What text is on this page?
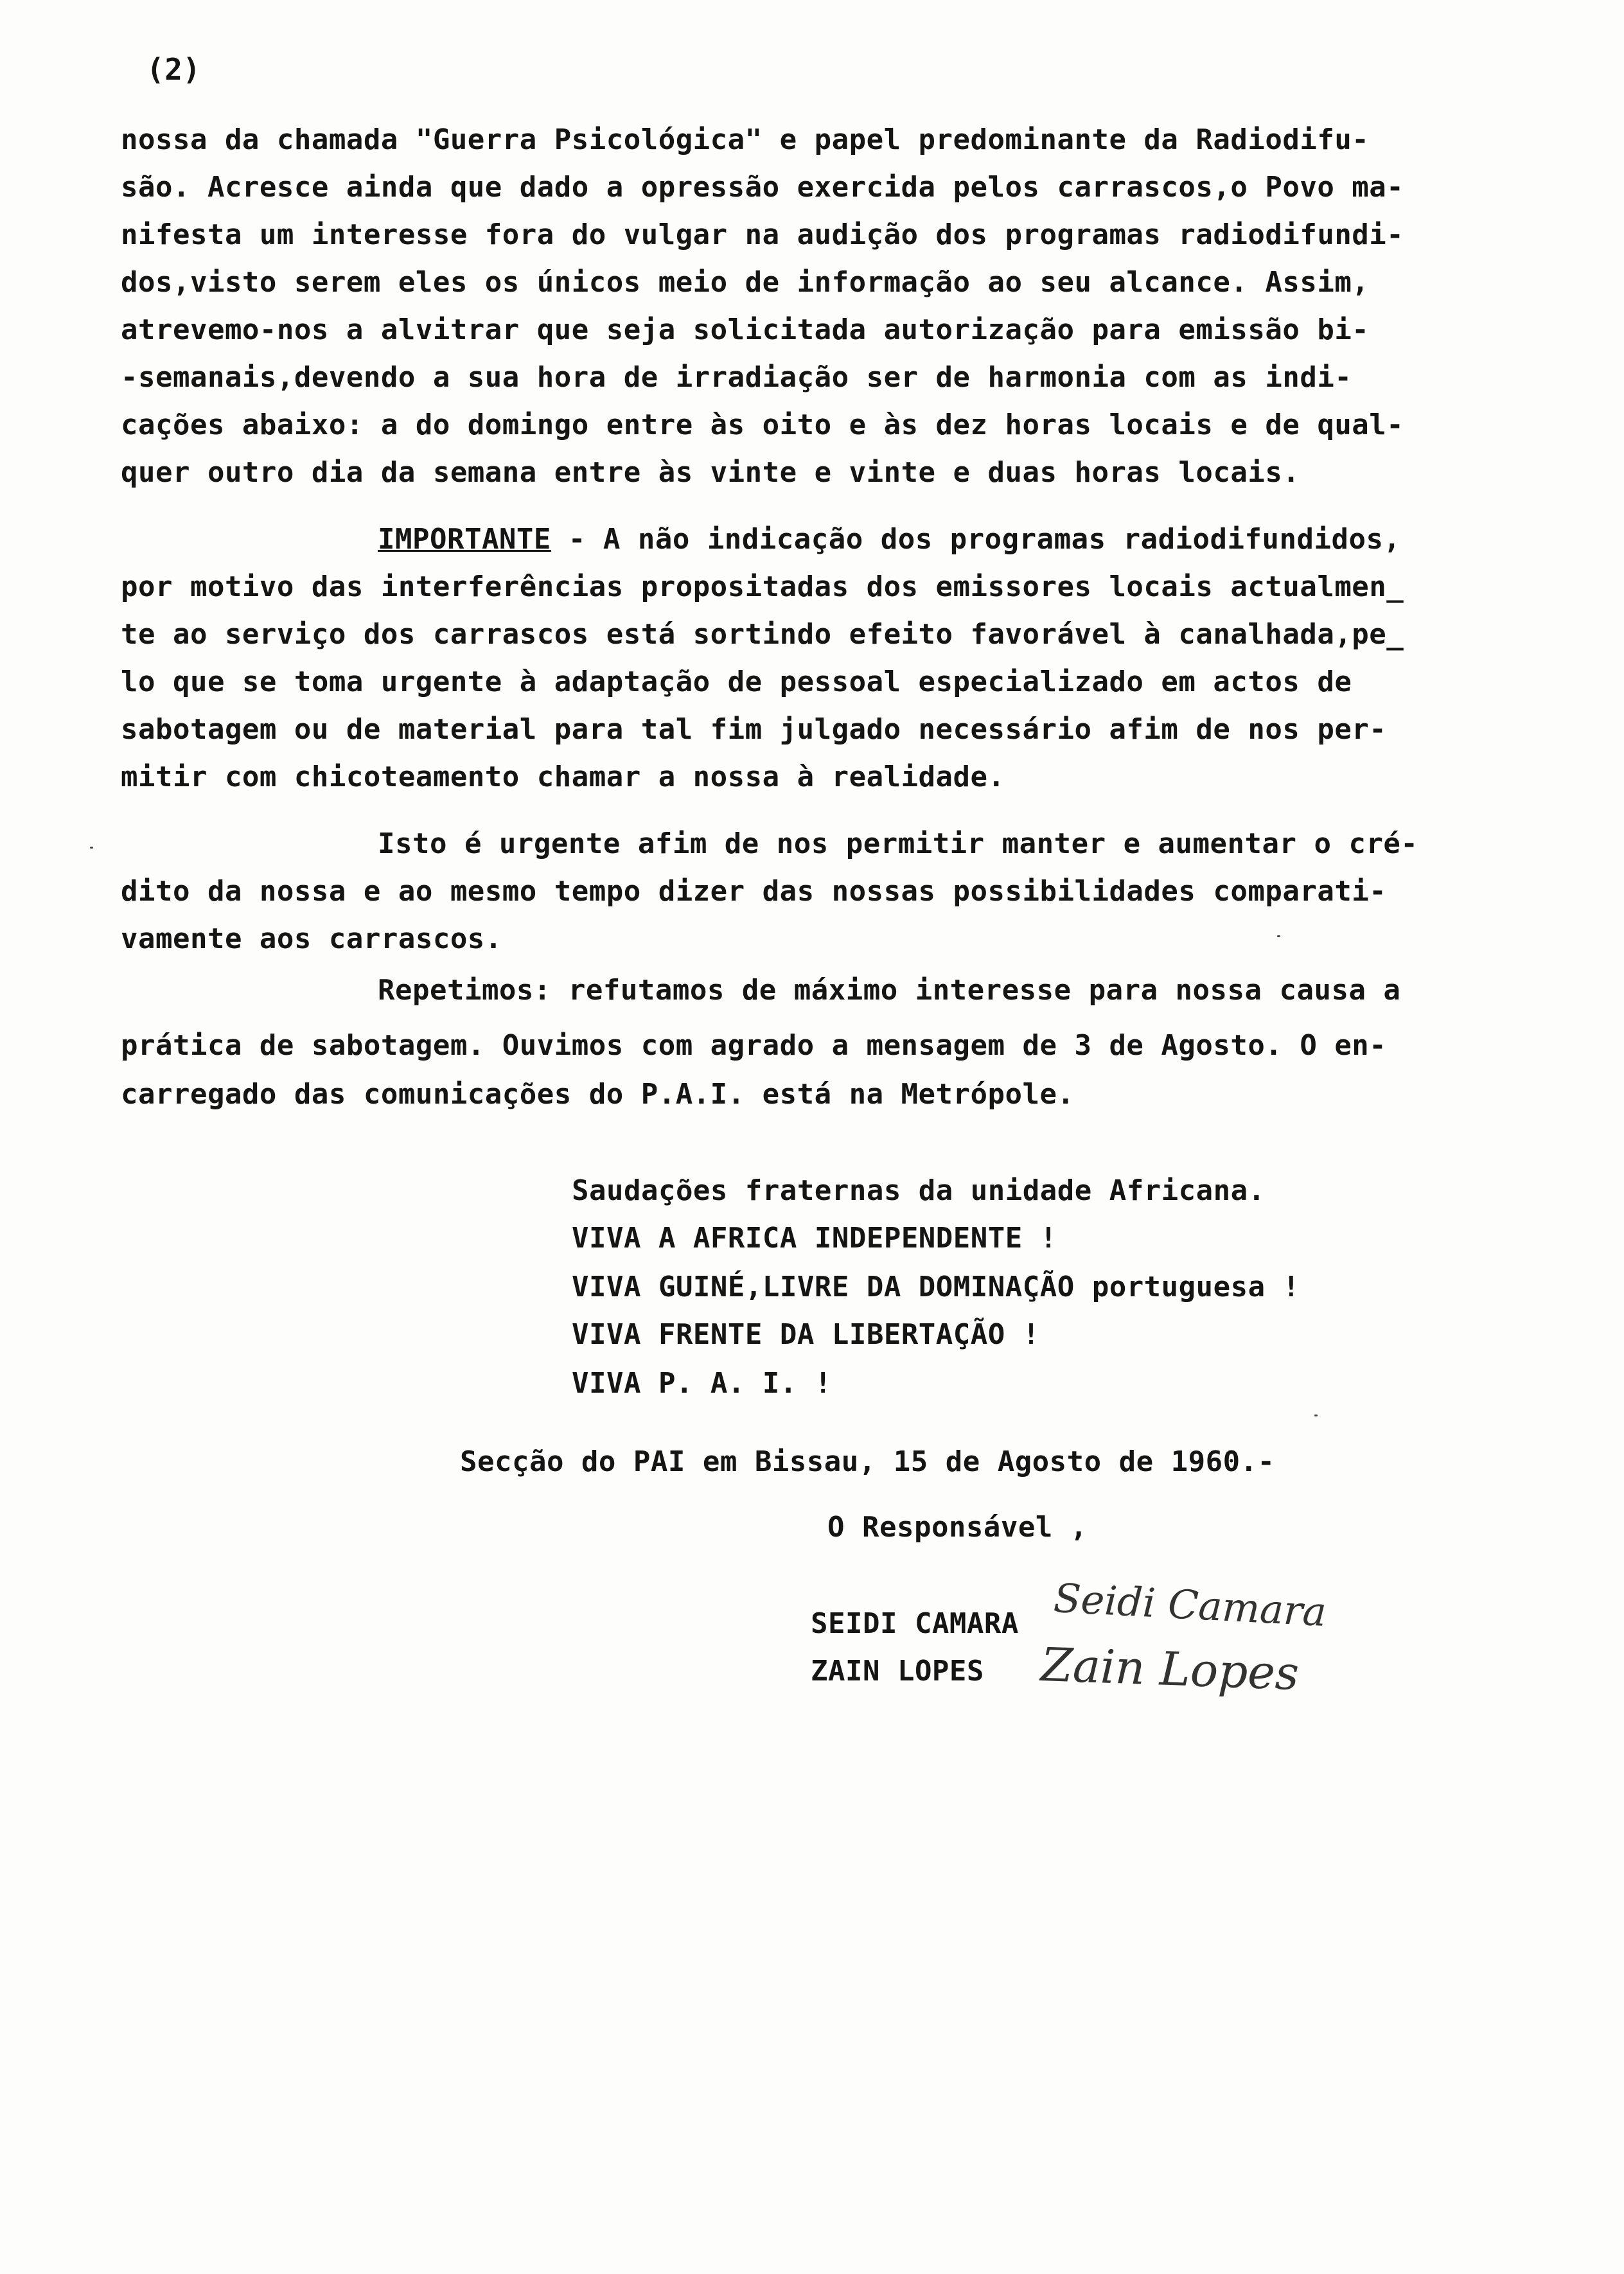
(2)
nossa da chamada "Guerra Psicológica" e papel predominante da Radiodifu-
são. Acresce ainda que dado a opressão exercida pelos carrascos,o Povo ma-
nifesta um interesse fora do vulgar na audição dos programas radiodifundi-
dos,visto serem eles os únicos meio de informação ao seu alcance. Assim,
atrevemo-nos a alvitrar que seja solicitada autorização para emissão bi-
-semanais,devendo a sua hora de irradiação ser de harmonia com as indi-
cações abaixo: a do domingo entre às oito e às dez horas locais e de qual-
quer outro dia da semana entre às vinte e vinte e duas horas locais.
IMPORTANTE - A não indicação dos programas radiodifundidos,
por motivo das interferências propositadas dos emissores locais actualmen_
te ao serviço dos carrascos está sortindo efeito favorável à canalhada,pe_
lo que se toma urgente à adaptação de pessoal especializado em actos de
sabotagem ou de material para tal fim julgado necessário afim de nos per-
mitir com chicoteamento chamar a nossa à realidade.
Isto é urgente afim de nos permitir manter e aumentar o cré-
dito da nossa e ao mesmo tempo dizer das nossas possibilidades comparati-
vamente aos carrascos.
Repetimos: refutamos de máximo interesse para nossa causa a
prática de sabotagem. Ouvimos com agrado a mensagem de 3 de Agosto. O en-
carregado das comunicações do P.A.I. está na Metrópole.
Saudações fraternas da unidade Africana.
VIVA A AFRICA INDEPENDENTE !
VIVA GUINÉ,LIVRE DA DOMINAÇÃO portuguesa !
VIVA FRENTE DA LIBERTAÇÃO !
VIVA P. A. I. !
Secção do PAI em Bissau, 15 de Agosto de 1960.-
O Responsável ,
SEIDI CAMARA Seidi Camara
ZAIN LOPES Zain Lopes
